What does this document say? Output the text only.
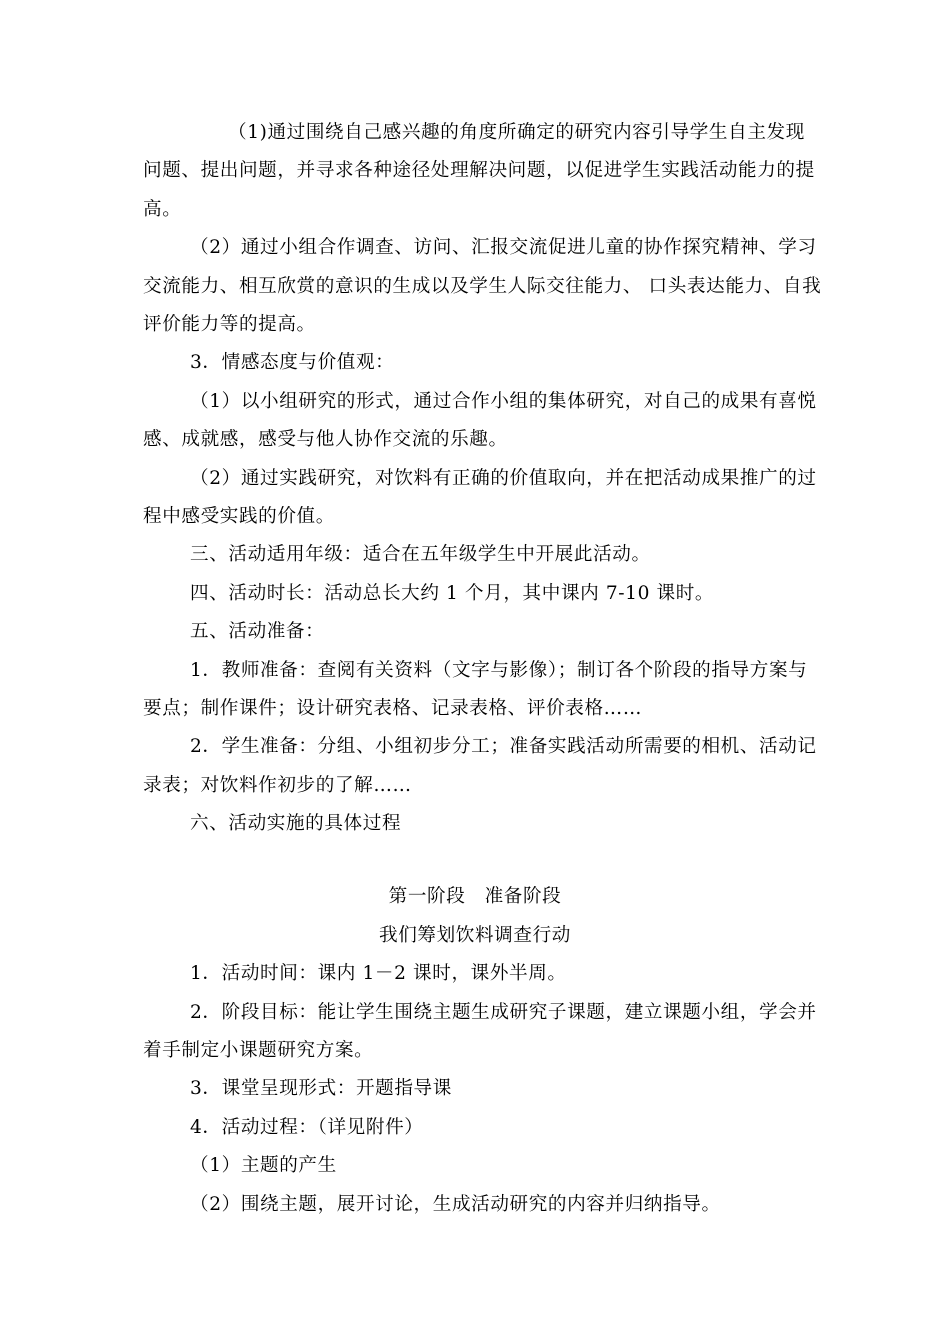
（1)通过围绕自己感兴趣的角度所确定的研究内容引导学生自主发现

问题、提出问题，并寻求各种途径处理解决问题，以促进学生实践活动能力的提

高。

（2）通过小组合作调查、访问、汇报交流促进儿童的协作探究精神、学习

交流能力、相互欣赏的意识的生成以及学生人际交往能力、 口头表达能力、自我

评价能力等的提高。

3．情感态度与价值观：

（1）以小组研究的形式，通过合作小组的集体研究，对自己的成果有喜悦

感、成就感，感受与他人协作交流的乐趣。

（2）通过实践研究，对饮料有正确的价值取向，并在把活动成果推广的过

程中感受实践的价值。

三、活动适用年级：适合在五年级学生中开展此活动。

四、活动时长：活动总长大约 1 个月，其中课内 7-10 课时。

五、活动准备：

1．教师准备：查阅有关资料（文字与影像）；制订各个阶段的指导方案与

要点；制作课件；设计研究表格、记录表格、评价表格……

2．学生准备：分组、小组初步分工；准备实践活动所需要的相机、活动记

录表；对饮料作初步的了解……

六、活动实施的具体过程

第一阶段　准备阶段

我们筹划饮料调查行动

1．活动时间：课内 1－2 课时，课外半周。

2．阶段目标：能让学生围绕主题生成研究子课题，建立课题小组，学会并

着手制定小课题研究方案。

3．课堂呈现形式：开题指导课

4．活动过程：（详见附件）

（1）主题的产生

（2）围绕主题，展开讨论，生成活动研究的内容并归纳指导。
